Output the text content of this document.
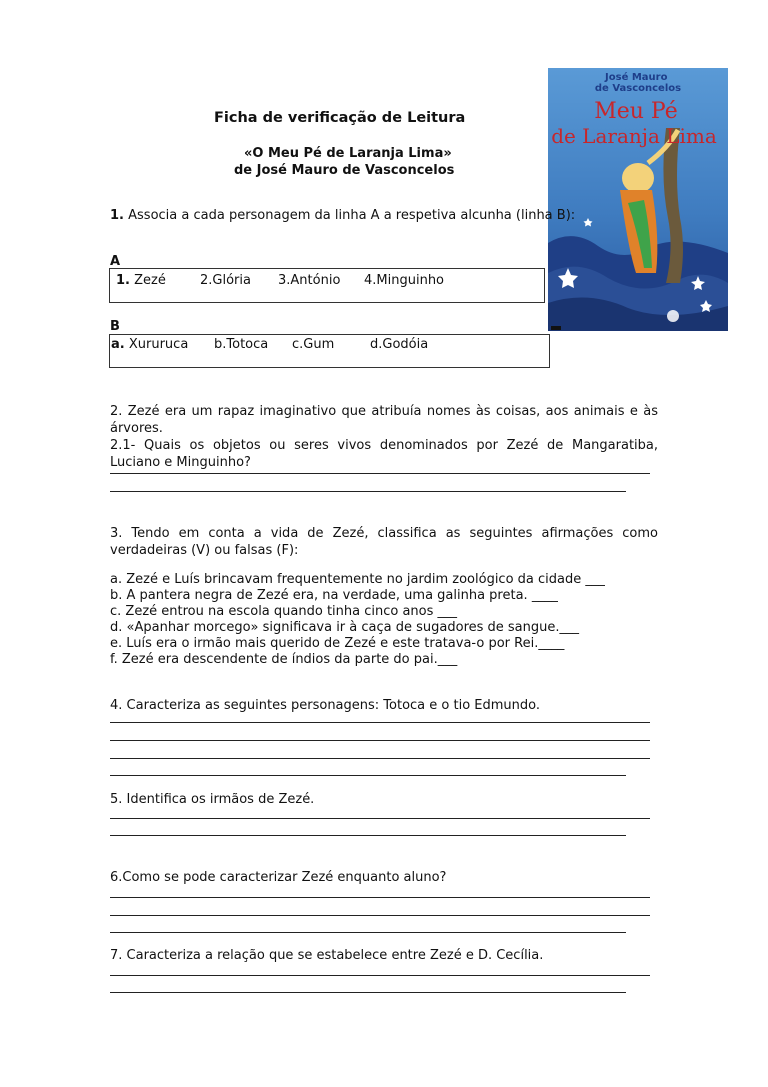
Ficha de verificação de Leitura
«O Meu Pé de Laranja Lima»
de José Mauro de Vasconcelos
José Mauro de Vasconcelos
Meu Pé
de Laranja Lima
1. Associa a cada personagem da linha A a respetiva alcunha (linha B):
A
1. Zezé	2.Glória 3.António 4.Minguinho
B
a. Xururuca b.Totoca c.Gum	d.Godóia
2. Zezé era um rapaz imaginativo que atribuía nomes às coisas, aos animais e às árvores.
2.1- Quais os objetos ou seres vivos denominados por Zezé de Mangaratiba, Luciano e Minguinho?
3. Tendo em conta a vida de Zezé, classifica as seguintes afirmações como verdadeiras (V) ou falsas (F):
a. Zezé e Luís brincavam frequentemente no jardim zoológico da cidade ___
b. A pantera negra de Zezé era, na verdade, uma galinha preta. ____
c. Zezé entrou na escola quando tinha cinco anos ___
d. «Apanhar morcego» significava ir à caça de sugadores de sangue.___
e. Luís era o irmão mais querido de Zezé e este tratava-o por Rei.____
f. Zezé era descendente de índios da parte do pai.___
4. Caracteriza as seguintes personagens: Totoca e o tio Edmundo.
5. Identifica os irmãos de Zezé.
6.Como se pode caracterizar Zezé enquanto aluno?
7. Caracteriza a relação que se estabelece entre Zezé e D. Cecília.
